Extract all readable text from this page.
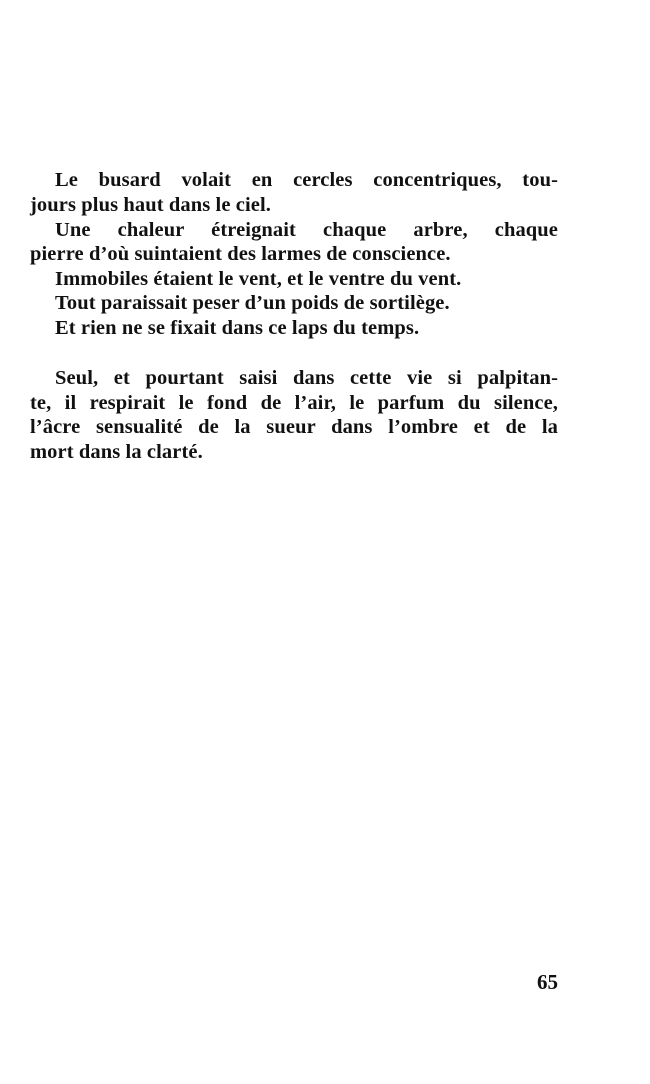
Le busard volait en cercles concentriques, tou-
jours plus haut dans le ciel.
Une chaleur étreignait chaque arbre, chaque
pierre d’où suintaient des larmes de conscience.
Immobiles étaient le vent, et le ventre du vent.
Tout paraissait peser d’un poids de sortilège.
Et rien ne se fixait dans ce laps du temps.
Seul, et pourtant saisi dans cette vie si palpitan-
te, il respirait le fond de l’air, le parfum du silence,
l’âcre sensualité de la sueur dans l’ombre et de la
mort dans la clarté.
65
